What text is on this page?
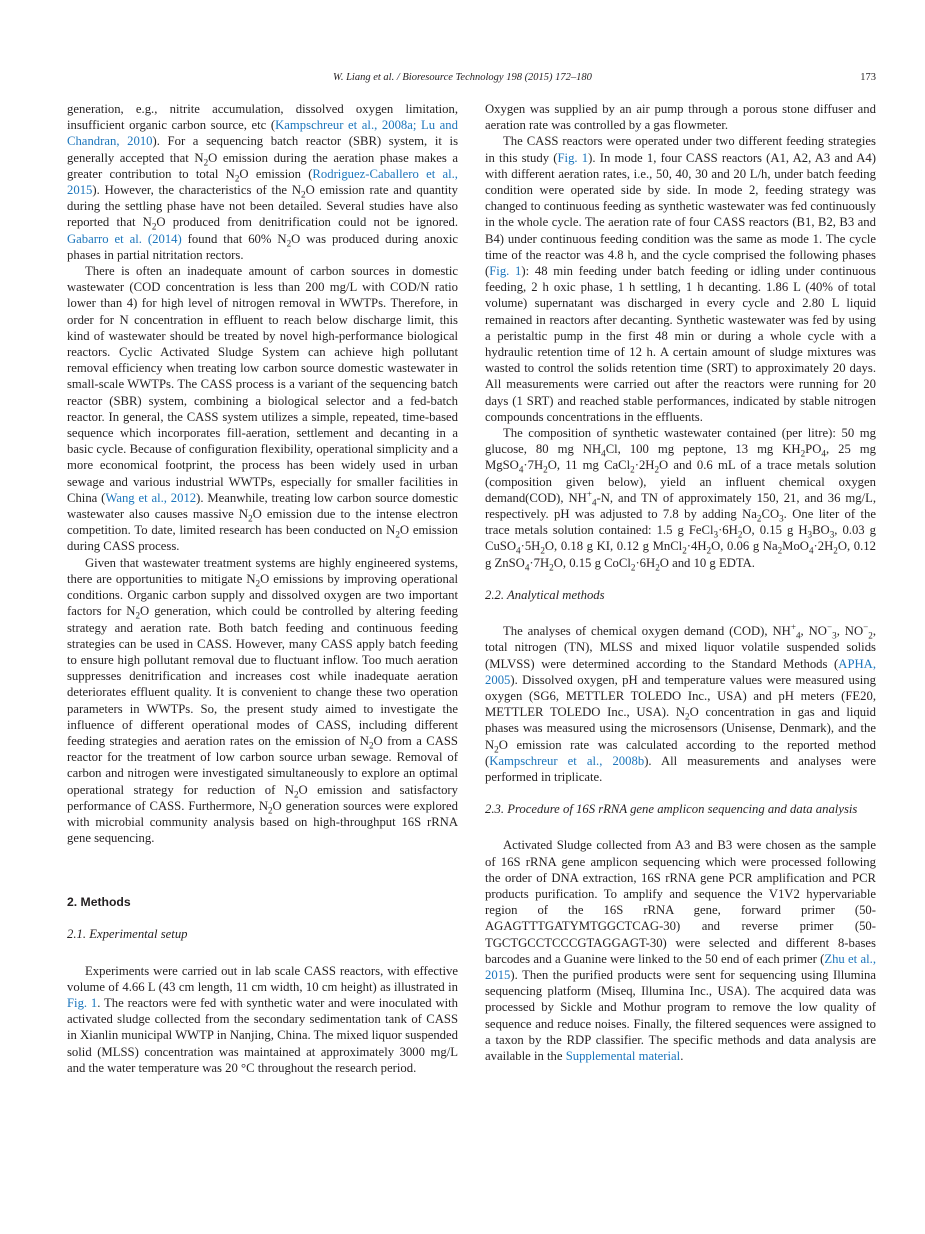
W. Liang et al. / Bioresource Technology 198 (2015) 172–180	173

generation, e.g., nitrite accumulation, dissolved oxygen limitation, insufficient organic carbon source, etc (Kampschreur et al., 2008a; Lu and Chandran, 2010). For a sequencing batch reactor (SBR) system, it is generally accepted that $N_2O$ emission during the aeration phase makes a greater contribution to total $N_2O$ emission (Rodriguez-Caballero et al., 2015). However, the characteristics of the $N_2O$ emission rate and quantity during the settling phase have not been detailed. Several studies have also reported that $N_2O$ produced from denitrification could not be ignored. Gabarro et al. (2014) found that 60% $N_2O$ was produced during anoxic phases in partial nitritation rectors.

There is often an inadequate amount of carbon sources in domestic wastewater (COD concentration is less than 200 mg/L with COD/N ratio lower than 4) for high level of nitrogen removal in WWTPs. Therefore, in order for N concentration in effluent to reach below discharge limit, this kind of wastewater should be treated by novel high-performance biological reactors. Cyclic Activated Sludge System can achieve high pollutant removal efficiency when treating low carbon source domestic wastewater in small-scale WWTPs. The CASS process is a variant of the sequencing batch reactor (SBR) system, combining a biological selector and a fed-batch reactor. In general, the CASS system utilizes a simple, repeated, time-based sequence which incorporates fill-aeration, settlement and decanting in a basic cycle. Because of configuration flexibility, operational simplicity and a more economical footprint, the process has been widely used in urban sewage and various industrial WWTPs, especially for smaller facilities in China (Wang et al., 2012). Meanwhile, treating low carbon source domestic wastewater also causes massive $N_2O$ emission due to the intense electron competition. To date, limited research has been conducted on $N_2O$ emission during CASS process.

Given that wastewater treatment systems are highly engineered systems, there are opportunities to mitigate $N_2O$ emissions by improving operational conditions. Organic carbon supply and dissolved oxygen are two important factors for $N_2O$ generation, which could be controlled by altering feeding strategy and aeration rate. Both batch feeding and continuous feeding strategies can be used in CASS. However, many CASS apply batch feeding to ensure high pollutant removal due to fluctuant inflow. Too much aeration suppresses denitrification and increases cost while inadequate aeration deteriorates effluent quality. It is convenient to change these two operation parameters in WWTPs. So, the present study aimed to investigate the influence of different operational modes of CASS, including different feeding strategies and aeration rates on the emission of $N_2O$ from a CASS reactor for the treatment of low carbon source urban sewage. Removal of carbon and nitrogen were investigated simultaneously to explore an optimal operational strategy for reduction of $N_2O$ emission and satisfactory performance of CASS. Furthermore, $N_2O$ generation sources were explored with microbial community analysis based on high-throughput 16S rRNA gene sequencing.

2. Methods
2.1. Experimental setup

Experiments were carried out in lab scale CASS reactors, with effective volume of 4.66 L (43 cm length, 11 cm width, 10 cm height) as illustrated in Fig. 1. The reactors were fed with synthetic water and were inoculated with activated sludge collected from the secondary sedimentation tank of CASS in Xianlin municipal WWTP in Nanjing, China. The mixed liquor suspended solid (MLSS) concentration was maintained at approximately 3000 mg/L and the water temperature was 20 °C throughout the research period.

Oxygen was supplied by an air pump through a porous stone diffuser and aeration rate was controlled by a gas flowmeter.

The CASS reactors were operated under two different feeding strategies in this study (Fig. 1). In mode 1, four CASS reactors (A1, A2, A3 and A4) with different aeration rates, i.e., 50, 40, 30 and 20 L/h, under batch feeding condition were operated side by side. In mode 2, feeding strategy was changed to continuous feeding as synthetic wastewater was fed continuously in the whole cycle. The aeration rate of four CASS reactors (B1, B2, B3 and B4) under continuous feeding condition was the same as mode 1. The cycle time of the reactor was 4.8 h, and the cycle comprised the following phases (Fig. 1): 48 min feeding under batch feeding or idling under continuous feeding, 2 h oxic phase, 1 h settling, 1 h decanting. 1.86 L (40% of total volume) supernatant was discharged in every cycle and 2.80 L liquid remained in reactors after decanting. Synthetic wastewater was fed by using a peristaltic pump in the first 48 min or during a whole cycle with a hydraulic retention time of 12 h. A certain amount of sludge mixtures was wasted to control the solids retention time (SRT) to approximately 20 days. All measurements were carried out after the reactors were running for 20 days (1 SRT) and reached stable performances, indicated by stable nitrogen compounds concentrations in the effluents.

The composition of synthetic wastewater contained (per litre): 50 mg glucose, 80 mg $NH_4Cl$, 100 mg peptone, 13 mg $KH_2PO_4$, 25 mg $MgSO_4\cdot 7H_2O$, 11 mg $CaCl_2\cdot 2H_2O$ and 0.6 mL of a trace metals solution (composition given below), yield an influent chemical oxygen demand(COD), $NH^+_4-N$, and TN of approximately 150, 21, and 36 mg/L, respectively. pH was adjusted to 7.8 by adding $Na_2CO_3$. One liter of the trace metals solution contained: 1.5 g $FeCl_3\cdot 6H_2O$, 0.15 g $H_3BO_3$, 0.03 g $CuSO_4\cdot 5H_2O$, 0.18 g KI, 0.12 g $MnCl_2\cdot 4H_2O$, 0.06 g $Na_2MoO_4\cdot 2H_2O$, 0.12 g $ZnSO_4\cdot 7H_2O$, 0.15 g $CoCl_2\cdot 6H_2O$ and 10 g EDTA.

2.2. Analytical methods

The analyses of chemical oxygen demand (COD), $NH^+_4$, $NO^-_3$, $NO^-_2$, total nitrogen (TN), MLSS and mixed liquor volatile suspended solids (MLVSS) were determined according to the Standard Methods (APHA, 2005). Dissolved oxygen, pH and temperature values were measured using oxygen (SG6, METTLER TOLEDO Inc., USA) and pH meters (FE20, METTLER TOLEDO Inc., USA). $N_2O$ concentration in gas and liquid phases was measured using the microsensors (Unisense, Denmark), and the $N_2O$ emission rate was calculated according to the reported method (Kampschreur et al., 2008b). All measurements and analyses were performed in triplicate.

2.3. Procedure of 16S rRNA gene amplicon sequencing and data analysis

Activated Sludge collected from A3 and B3 were chosen as the sample of 16S rRNA gene amplicon sequencing which were processed following the order of DNA extraction, 16S rRNA gene PCR amplification and PCR products purification. To amplify and sequence the V1V2 hypervariable region of the 16S rRNA gene, forward primer (50-AGAGTTTGATYMTGGCTCAG-30) and reverse primer (50-TGCTGCCTCCCGTAGGAGT-30) were selected and different 8-bases barcodes and a Guanine were linked to the 50 end of each primer (Zhu et al., 2015). Then the purified products were sent for sequencing using Illumina sequencing platform (Miseq, Illumina Inc., USA). The acquired data was processed by Sickle and Mothur program to remove the low quality of sequence and reduce noises. Finally, the filtered sequences were assigned to a taxon by the RDP classifier. The specific methods and data analysis are available in the Supplemental material.
